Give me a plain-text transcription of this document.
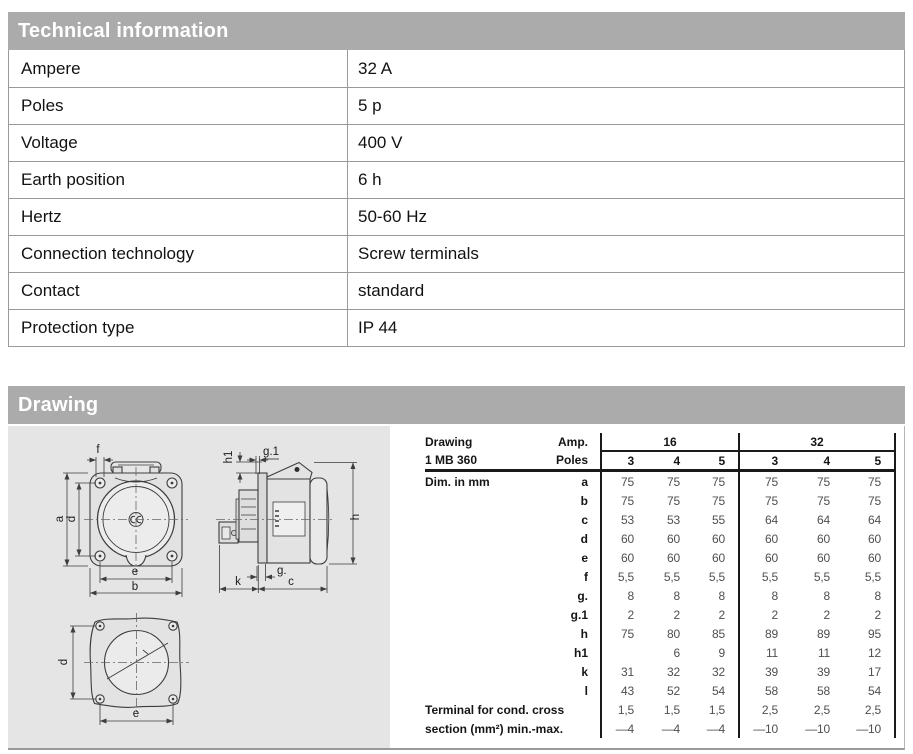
Technical information
Ampere	32 A
Poles	5 p
Voltage	400 V
Earth position	6 h
Hertz	50-60 Hz
Connection technology	Screw terminals
Contact	standard
Protection type	IP 44
Drawing
f
a d
e
b
h1 g.1
h
g.
k	c
d
e
Drawing	Amp.	16			32		
1 MB 360	Poles	3	4	5	3	4	5
Dim. in mm	a	75	75	75	75	75	75
	b	75	75	75	75	75	75
	c	53	53	55	64	64	64
	d	60	60	60	60	60	60
	e	60	60	60	60	60	60
	f	5,5	5,5	5,5	5,5	5,5	5,5
	g.	8	8	8	8	8	8
	g.1	2	2	2	2	2	2
	h	75	80	85	89	89	95
	h1		6	9	11	11	12
	k	31	32	32	39	39	17
	l	43	52	54	58	58	54
Terminal for cond. cross		1,5	1,5	1,5	2,5	2,5	2,5
section (mm²) min.-max.		—4	—4	—4	—10	—10	—10
